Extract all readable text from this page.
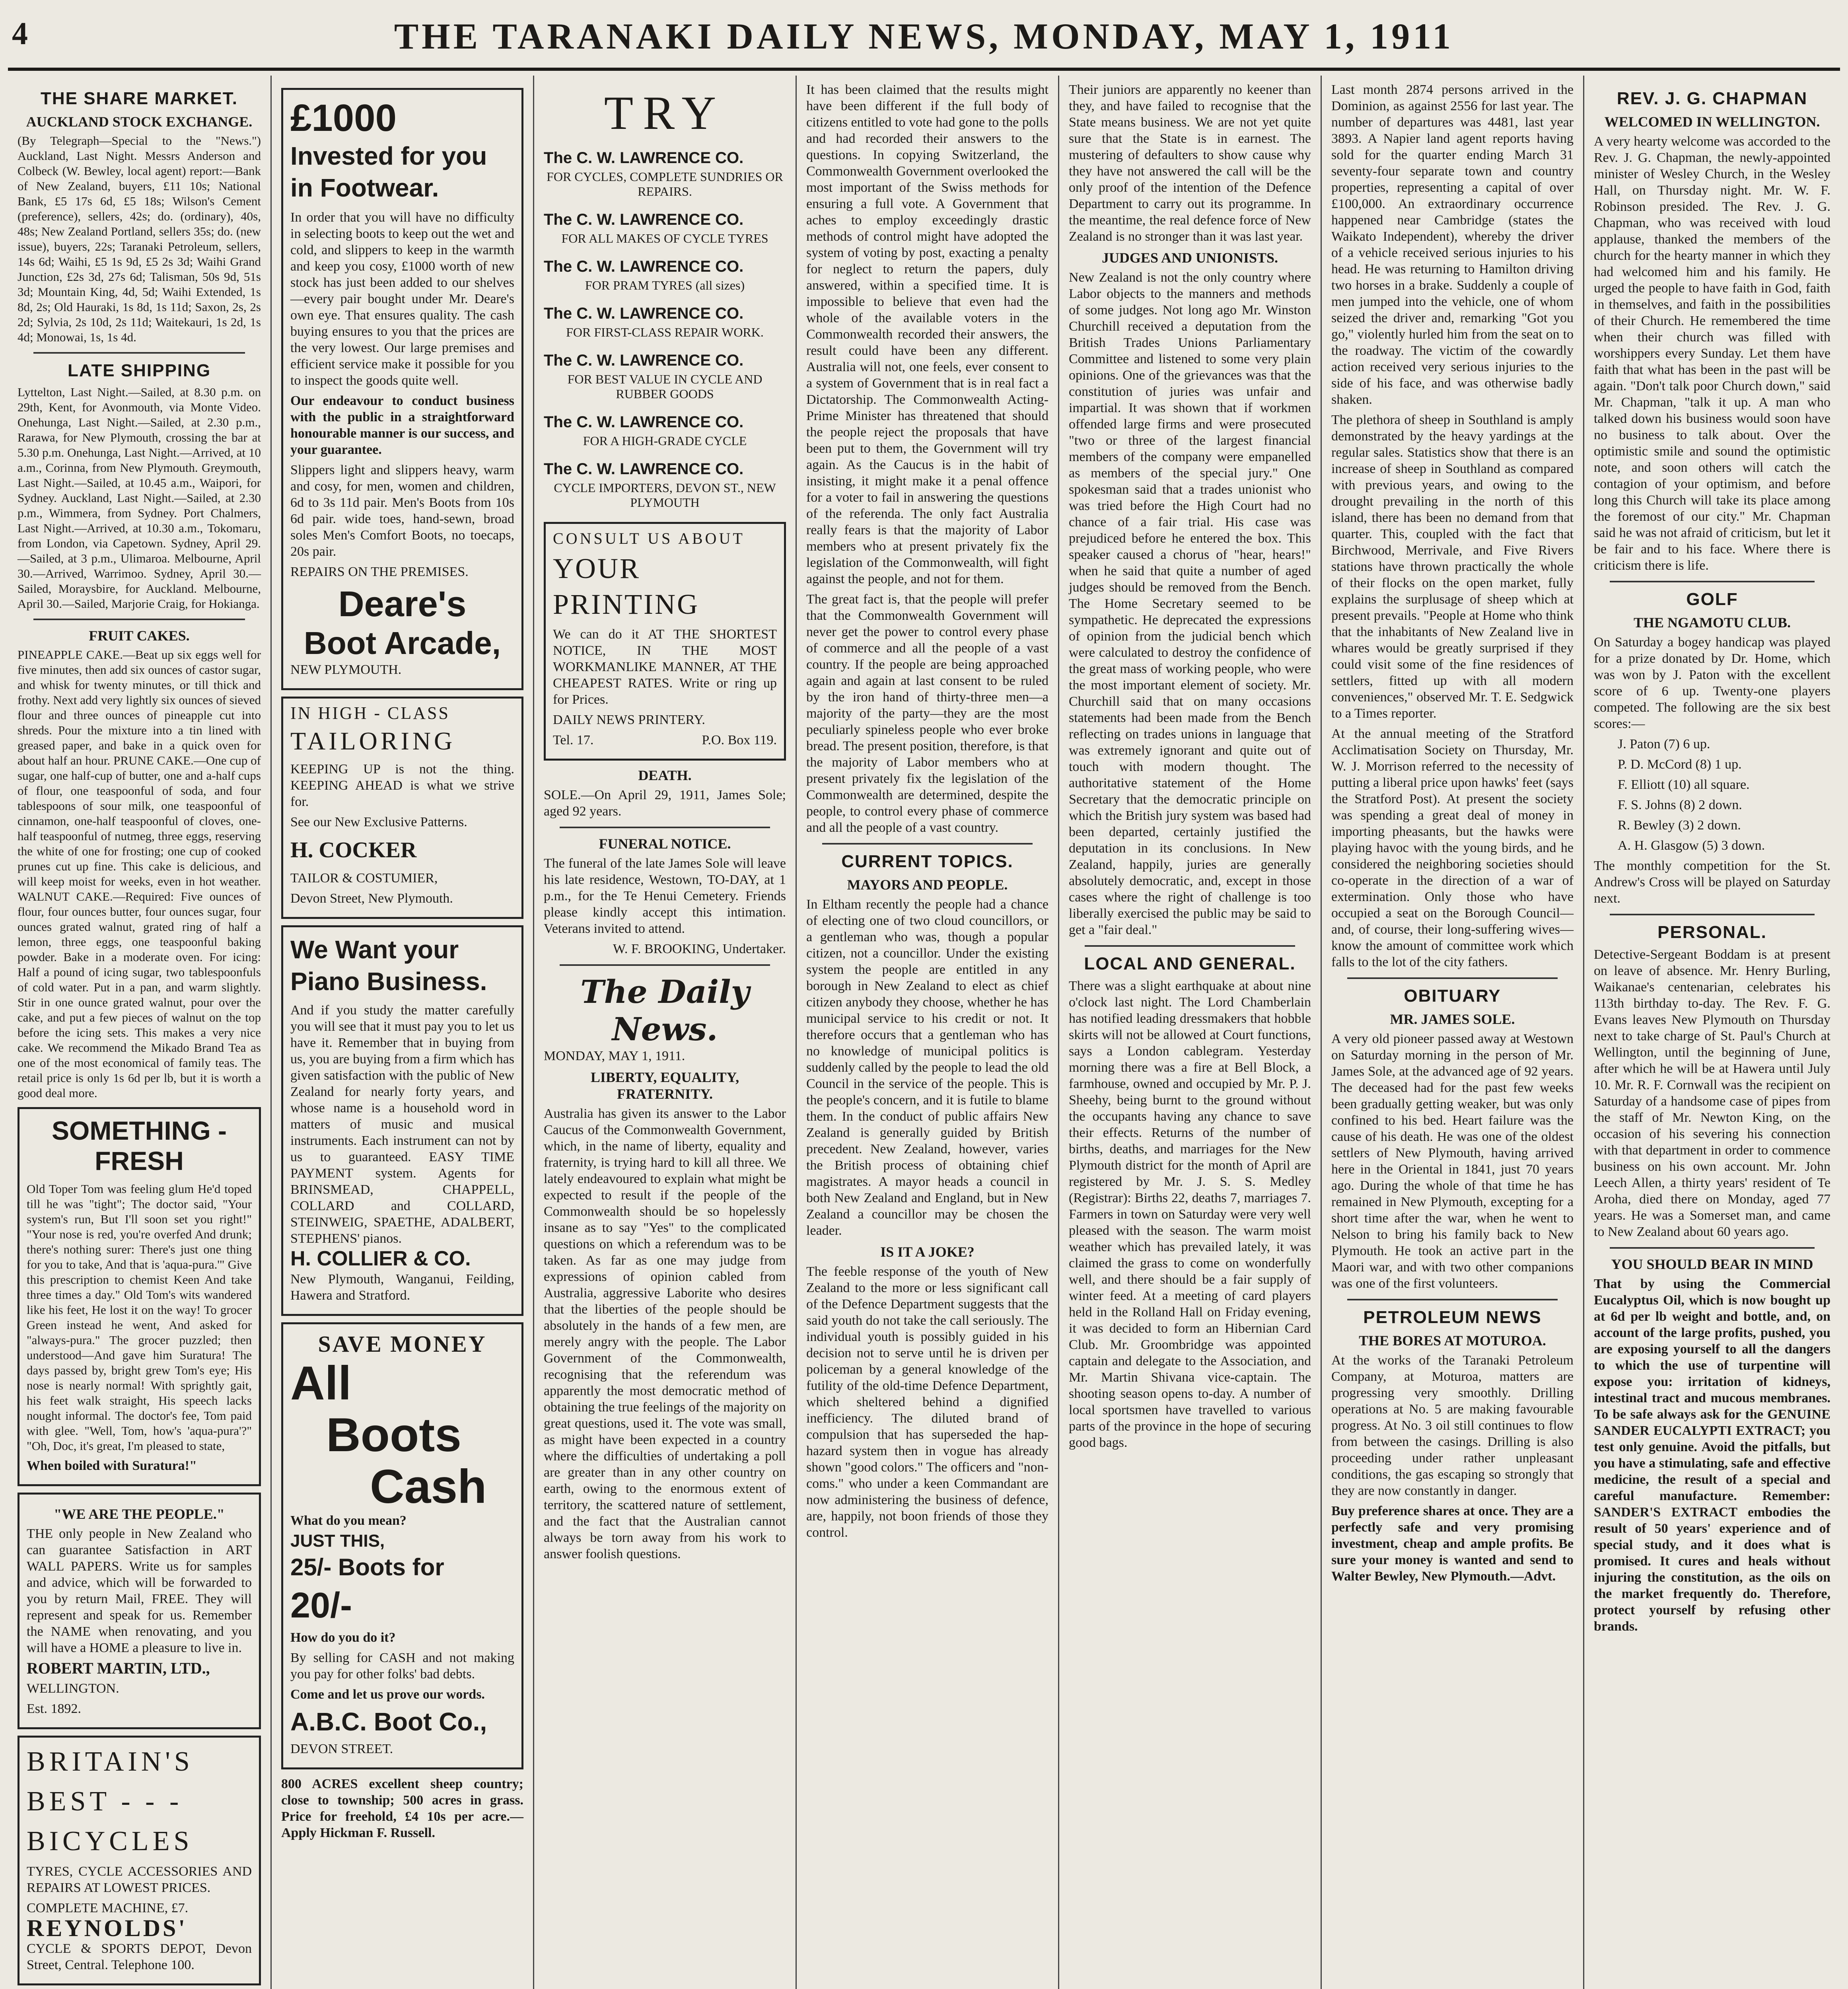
4	THE TARANAKI DAILY NEWS, MONDAY, MAY 1, 1911
THE SHARE MARKET.
AUCKLAND STOCK EXCHANGE.

(By Telegraph—Special to the "News.") Auckland, Last Night. Messrs Anderson and Colbeck (W. Bewley, local agent) report:—Bank of New Zealand, buyers, £11 10s; National Bank, £5 17s 6d, £5 18s; Wilson's Cement (preference), sellers, 42s; do. (ordinary), 40s, 48s; New Zealand Portland, sellers 35s; do. (new issue), buyers, 22s; Taranaki Petroleum, sellers, 14s 6d; Waihi, £5 1s 9d, £5 2s 3d; Waihi Grand Junction, £2s 3d, 27s 6d; Talisman, 50s 9d, 51s 3d; Mountain King, 4d, 5d; Waihi Extended, 1s 8d, 2s; Old Hauraki, 1s 8d, 1s 11d; Saxon, 2s, 2s 2d; Sylvia, 2s 10d, 2s 11d; Waitekauri, 1s 2d, 1s 4d; Monowai, 1s, 1s 4d.

LATE SHIPPING

Lyttelton, Last Night.—Sailed, at 8.30 p.m. on 29th, Kent, for Avonmouth, via Monte Video. Onehunga, Last Night.—Sailed, at 2.30 p.m., Rarawa, for New Plymouth, crossing the bar at 5.30 p.m. Onehunga, Last Night.—Arrived, at 10 a.m., Corinna, from New Plymouth. Greymouth, Last Night.—Sailed, at 10.45 a.m., Waipori, for Sydney. Auckland, Last Night.—Sailed, at 2.30 p.m., Wimmera, from Sydney. Port Chalmers, Last Night.—Arrived, at 10.30 a.m., Tokomaru, from London, via Capetown. Sydney, April 29.—Sailed, at 3 p.m., Ulimaroa. Melbourne, April 30.—Arrived, Warrimoo. Sydney, April 30.—Sailed, Moraysbire, for Auckland. Melbourne, April 30.—Sailed, Marjorie Craig, for Hokianga.

FRUIT CAKES.

PINEAPPLE CAKE.—Beat up six eggs well for five minutes, then add six ounces of castor sugar, and whisk for twenty minutes, or till thick and frothy. Next add very lightly six ounces of sieved flour and three ounces of pineapple cut into shreds. Pour the mixture into a tin lined with greased paper, and bake in a quick oven for about half an hour. PRUNE CAKE.—One cup of sugar, one half-cup of butter, one and a-half cups of flour, one teaspoonful of soda, and four tablespoons of sour milk, one teaspoonful of cinnamon, one-half teaspoonful of cloves, one-half teaspoonful of nutmeg, three eggs, reserving the white of one for frosting; one cup of cooked prunes cut up fine. This cake is delicious, and will keep moist for weeks, even in hot weather. WALNUT CAKE.—Required: Five ounces of flour, four ounces butter, four ounces sugar, four ounces grated walnut, grated ring of half a lemon, three eggs, one teaspoonful baking powder. Bake in a moderate oven. For icing: Half a pound of icing sugar, two tablespoonfuls of cold water. Put in a pan, and warm slightly. Stir in one ounce grated walnut, pour over the cake, and put a few pieces of walnut on the top before the icing sets. This makes a very nice cake. We recommend the Mikado Brand Tea as one of the most economical of family teas. The retail price is only 1s 6d per lb, but it is worth a good deal more.

SOMETHING - FRESH

Old Toper Tom was feeling glum He'd toped till he was "tight"; The doctor said, "Your system's run, But I'll soon set you right!" "Your nose is red, you're overfed And drunk; there's nothing surer: There's just one thing for you to take, And that is 'aqua-pura.'" Give this prescription to chemist Keen And take three times a day." Old Tom's wits wandered like his feet, He lost it on the way! To grocer Green instead he went, And asked for "always-pura." The grocer puzzled; then understood—And gave him Suratura! The days passed by, bright grew Tom's eye; His nose is nearly normal! With sprightly gait, his feet walk straight, His speech lacks nought informal. The doctor's fee, Tom paid with glee. "Well, Tom, how's 'aqua-pura'?" "Oh, Doc, it's great, I'm pleased to state,

When boiled with Suratura!"

"WE ARE THE PEOPLE."

THE only people in New Zealand who can guarantee Satisfaction in ART WALL PAPERS. Write us for samples and advice, which will be forwarded to you by return Mail, FREE. They will represent and speak for us. Remember the NAME when renovating, and you will have a HOME a pleasure to live in.

ROBERT MARTIN, LTD.,

WELLINGTON.

Est. 1892.

BRITAIN'S

BEST - - -

BICYCLES

TYRES, CYCLE ACCESSORIES AND REPAIRS AT LOWEST PRICES.

COMPLETE MACHINE, £7.

REYNOLDS'

CYCLE & SPORTS DEPOT, Devon Street, Central. Telephone 100.

£1000
Invested for you in Footwear.

In order that you will have no difficulty in selecting boots to keep out the wet and cold, and slippers to keep in the warmth and keep you cosy, £1000 worth of new stock has just been added to our shelves—every pair bought under Mr. Deare's own eye. That ensures quality. The cash buying ensures to you that the prices are the very lowest. Our large premises and efficient service make it possible for you to inspect the goods quite well.

Our endeavour to conduct business with the public in a straightforward honourable manner is our success, and your guarantee.

Slippers light and slippers heavy, warm and cosy, for men, women and children, 6d to 3s 11d pair. Men's Boots from 10s 6d pair. wide toes, hand-sewn, broad soles Men's Comfort Boots, no toecaps, 20s pair.

REPAIRS ON THE PREMISES.

Deare's
Boot Arcade,

NEW PLYMOUTH.

IN HIGH - CLASS

TAILORING

KEEPING UP is not the thing. KEEPING AHEAD is what we strive for.

See our New Exclusive Patterns.

H. COCKER

TAILOR & COSTUMIER,

Devon Street, New Plymouth.

We Want your Piano Business.

And if you study the matter carefully you will see that it must pay you to let us have it. Remember that in buying from us, you are buying from a firm which has given satisfaction with the public of New Zealand for nearly forty years, and whose name is a household word in matters of music and musical instruments. Each instrument can not by us to guaranteed. EASY TIME PAYMENT system. Agents for BRINSMEAD, CHAPPELL, COLLARD and COLLARD, STEINWEIG, SPAETHE, ADALBERT, STEPHENS' pianos.

H. COLLIER & CO.

New Plymouth, Wanganui, Feilding, Hawera and Stratford.

SAVE MONEY
All
Boots
Cash

What do you mean?

JUST THIS,

25/- Boots for

20/-

How do you do it?

By selling for CASH and not making you pay for other folks' bad debts.

Come and let us prove our words.

A.B.C. Boot Co.,

DEVON STREET.

800 ACRES excellent sheep country; close to township; 500 acres in grass. Price for freehold, £4 10s per acre.—Apply Hickman F. Russell.

TRY
The C. W. LAWRENCE CO.
FOR CYCLES, COMPLETE SUNDRIES OR REPAIRS.
The C. W. LAWRENCE CO.
FOR ALL MAKES OF CYCLE TYRES
The C. W. LAWRENCE CO.
FOR PRAM TYRES (all sizes)
The C. W. LAWRENCE CO.
FOR FIRST-CLASS REPAIR WORK.
The C. W. LAWRENCE CO.
FOR BEST VALUE IN CYCLE AND RUBBER GOODS
The C. W. LAWRENCE CO.
FOR A HIGH-GRADE CYCLE
The C. W. LAWRENCE CO.
CYCLE IMPORTERS, DEVON ST., NEW PLYMOUTH

CONSULT US ABOUT

YOUR PRINTING

We can do it AT THE SHORTEST NOTICE, IN THE MOST WORKMANLIKE MANNER, AT THE CHEAPEST RATES. Write or ring up for Prices.

DAILY NEWS PRINTERY.

Tel. 17.	P.O. Box 119.

DEATH.

SOLE.—On April 29, 1911, James Sole; aged 92 years.

FUNERAL NOTICE.

The funeral of the late James Sole will leave his late residence, Westown, TO-DAY, at 1 p.m., for the Te Henui Cemetery. Friends please kindly accept this intimation. Veterans invited to attend.

W. F. BROOKING, Undertaker.

The Daily News.

MONDAY, MAY 1, 1911.

LIBERTY, EQUALITY, FRATERNITY.

Australia has given its answer to the Labor Caucus of the Commonwealth Government, which, in the name of liberty, equality and fraternity, is trying hard to kill all three. We lately endeavoured to explain what might be expected to result if the people of the Commonwealth should be so hopelessly insane as to say "Yes" to the complicated questions on which a referendum was to be taken. As far as one may judge from expressions of opinion cabled from Australia, aggressive Laborite who desires that the liberties of the people should be absolutely in the hands of a few men, are merely angry with the people. The Labor Government of the Commonwealth, recognising that the referendum was apparently the most democratic method of obtaining the true feelings of the majority on great questions, used it. The vote was small, as might have been expected in a country where the difficulties of undertaking a poll are greater than in any other country on earth, owing to the enormous extent of territory, the scattered nature of settlement, and the fact that the Australian cannot always be torn away from his work to answer foolish questions.

It has been claimed that the results might have been different if the full body of citizens entitled to vote had gone to the polls and had recorded their answers to the questions. In copying Switzerland, the Commonwealth Government overlooked the most important of the Swiss methods for ensuring a full vote. A Government that aches to employ exceedingly drastic methods of control might have adopted the system of voting by post, exacting a penalty for neglect to return the papers, duly answered, within a specified time. It is impossible to believe that even had the whole of the available voters in the Commonwealth recorded their answers, the result could have been any different. Australia will not, one feels, ever consent to a system of Government that is in real fact a Dictatorship. The Commonwealth Acting-Prime Minister has threatened that should the people reject the proposals that have been put to them, the Government will try again. As the Caucus is in the habit of insisting, it might make it a penal offence for a voter to fail in answering the questions of the referenda. The only fact Australia really fears is that the majority of Labor members who at present privately fix the legislation of the Commonwealth, will fight against the people, and not for them.

The great fact is, that the people will prefer that the Commonwealth Government will never get the power to control every phase of commerce and all the people of a vast country. If the people are being approached again and again at last consent to be ruled by the iron hand of thirty-three men—a majority of the party—they are the most peculiarly spineless people who ever broke bread. The present position, therefore, is that the majority of Labor members who at present privately fix the legislation of the Commonwealth are determined, despite the people, to control every phase of commerce and all the people of a vast country.

CURRENT TOPICS.
MAYORS AND PEOPLE.

In Eltham recently the people had a chance of electing one of two cloud councillors, or a gentleman who was, though a popular citizen, not a councillor. Under the existing system the people are entitled in any borough in New Zealand to elect as chief citizen anybody they choose, whether he has municipal service to his credit or not. It therefore occurs that a gentleman who has no knowledge of municipal politics is suddenly called by the people to lead the old Council in the service of the people. This is the people's concern, and it is futile to blame them. In the conduct of public affairs New Zealand is generally guided by British precedent. New Zealand, however, varies the British process of obtaining chief magistrates. A mayor heads a council in both New Zealand and England, but in New Zealand a councillor may be chosen the leader.

IS IT A JOKE?

The feeble response of the youth of New Zealand to the more or less significant call of the Defence Department suggests that the said youth do not take the call seriously. The individual youth is possibly guided in his decision not to serve until he is driven per policeman by a general knowledge of the futility of the old-time Defence Department, which sheltered behind a dignified inefficiency. The diluted brand of compulsion that has superseded the hap-hazard system then in vogue has already shown "good colors." The officers and "non-coms." who under a keen Commandant are now administering the business of defence, are, happily, not boon friends of those they control.

Their juniors are apparently no keener than they, and have failed to recognise that the State means business. We are not yet quite sure that the State is in earnest. The mustering of defaulters to show cause why they have not answered the call will be the only proof of the intention of the Defence Department to carry out its programme. In the meantime, the real defence force of New Zealand is no stronger than it was last year.

JUDGES AND UNIONISTS.

New Zealand is not the only country where Labor objects to the manners and methods of some judges. Not long ago Mr. Winston Churchill received a deputation from the British Trades Unions Parliamentary Committee and listened to some very plain opinions. One of the grievances was that the constitution of juries was unfair and impartial. It was shown that if workmen offended large firms and were prosecuted "two or three of the largest financial members of the company were empanelled as members of the special jury." One spokesman said that a trades unionist who was tried before the High Court had no chance of a fair trial. His case was prejudiced before he entered the box. This speaker caused a chorus of "hear, hears!" when he said that quite a number of aged judges should be removed from the Bench. The Home Secretary seemed to be sympathetic. He deprecated the expressions of opinion from the judicial bench which were calculated to destroy the confidence of the great mass of working people, who were the most important element of society. Mr. Churchill said that on many occasions statements had been made from the Bench reflecting on trades unions in language that was extremely ignorant and quite out of touch with modern thought. The authoritative statement of the Home Secretary that the democratic principle on which the British jury system was based had been departed, certainly justified the deputation in its conclusions. In New Zealand, happily, juries are generally absolutely democratic, and, except in those cases where the right of challenge is too liberally exercised the public may be said to get a "fair deal."

LOCAL AND GENERAL.

There was a slight earthquake at about nine o'clock last night. The Lord Chamberlain has notified leading dressmakers that hobble skirts will not be allowed at Court functions, says a London cablegram. Yesterday morning there was a fire at Bell Block, a farmhouse, owned and occupied by Mr. P. J. Sheehy, being burnt to the ground without the occupants having any chance to save their effects. Returns of the number of births, deaths, and marriages for the New Plymouth district for the month of April are registered by Mr. J. S. S. Medley (Registrar): Births 22, deaths 7, marriages 7. Farmers in town on Saturday were very well pleased with the season. The warm moist weather which has prevailed lately, it was claimed the grass to come on wonderfully well, and there should be a fair supply of winter feed. At a meeting of card players held in the Rolland Hall on Friday evening, it was decided to form an Hibernian Card Club. Mr. Groombridge was appointed captain and delegate to the Association, and Mr. Martin Shivana vice-captain. The shooting season opens to-day. A number of local sportsmen have travelled to various parts of the province in the hope of securing good bags.

Last month 2874 persons arrived in the Dominion, as against 2556 for last year. The number of departures was 4481, last year 3893. A Napier land agent reports having sold for the quarter ending March 31 seventy-four separate town and country properties, representing a capital of over £100,000. An extraordinary occurrence happened near Cambridge (states the Waikato Independent), whereby the driver of a vehicle received serious injuries to his head. He was returning to Hamilton driving two horses in a brake. Suddenly a couple of men jumped into the vehicle, one of whom seized the driver and, remarking "Got you go," violently hurled him from the seat on to the roadway. The victim of the cowardly action received very serious injuries to the side of his face, and was otherwise badly shaken.

The plethora of sheep in Southland is amply demonstrated by the heavy yardings at the regular sales. Statistics show that there is an increase of sheep in Southland as compared with previous years, and owing to the drought prevailing in the north of this island, there has been no demand from that quarter. This, coupled with the fact that Birchwood, Merrivale, and Five Rivers stations have thrown practically the whole of their flocks on the open market, fully explains the surplusage of sheep which at present prevails. "People at Home who think that the inhabitants of New Zealand live in whares would be greatly surprised if they could visit some of the fine residences of settlers, fitted up with all modern conveniences," observed Mr. T. E. Sedgwick to a Times reporter.

At the annual meeting of the Stratford Acclimatisation Society on Thursday, Mr. W. J. Morrison referred to the necessity of putting a liberal price upon hawks' feet (says the Stratford Post). At present the society was spending a great deal of money in importing pheasants, but the hawks were playing havoc with the young birds, and he considered the neighboring societies should co-operate in the direction of a war of extermination. Only those who have occupied a seat on the Borough Council—and, of course, their long-suffering wives—know the amount of committee work which falls to the lot of the city fathers.

OBITUARY
MR. JAMES SOLE.

A very old pioneer passed away at Westown on Saturday morning in the person of Mr. James Sole, at the advanced age of 92 years. The deceased had for the past few weeks been gradually getting weaker, but was only confined to his bed. Heart failure was the cause of his death. He was one of the oldest settlers of New Plymouth, having arrived here in the Oriental in 1841, just 70 years ago. During the whole of that time he has remained in New Plymouth, excepting for a short time after the war, when he went to Nelson to bring his family back to New Plymouth. He took an active part in the Maori war, and with two other companions was one of the first volunteers.

PETROLEUM NEWS
THE BORES AT MOTUROA.

At the works of the Taranaki Petroleum Company, at Moturoa, matters are progressing very smoothly. Drilling operations at No. 5 are making favourable progress. At No. 3 oil still continues to flow from between the casings. Drilling is also proceeding under rather unpleasant conditions, the gas escaping so strongly that they are now constantly in danger.

Buy preference shares at once. They are a perfectly safe and very promising investment, cheap and ample profits. Be sure your money is wanted and send to Walter Bewley, New Plymouth.—Advt.

REV. J. G. CHAPMAN
WELCOMED IN WELLINGTON.

A very hearty welcome was accorded to the Rev. J. G. Chapman, the newly-appointed minister of Wesley Church, in the Wesley Hall, on Thursday night. Mr. W. F. Robinson presided. The Rev. J. G. Chapman, who was received with loud applause, thanked the members of the church for the hearty manner in which they had welcomed him and his family. He urged the people to have faith in God, faith in themselves, and faith in the possibilities of their Church. He remembered the time when their church was filled with worshippers every Sunday. Let them have faith that what has been in the past will be again. "Don't talk poor Church down," said Mr. Chapman, "talk it up. A man who talked down his business would soon have no business to talk about. Over the optimistic smile and sound the optimistic note, and soon others will catch the contagion of your optimism, and before long this Church will take its place among the foremost of our city." Mr. Chapman said he was not afraid of criticism, but let it be fair and to his face. Where there is criticism there is life.

GOLF
THE NGAMOTU CLUB.

On Saturday a bogey handicap was played for a prize donated by Dr. Home, which was won by J. Paton with the excellent score of 6 up. Twenty-one players competed. The following are the six best scores:—

J. Paton (7) 6 up.

P. D. McCord (8) 1 up.

F. Elliott (10) all square.

F. S. Johns (8) 2 down.

R. Bewley (3) 2 down.

A. H. Glasgow (5) 3 down.

The monthly competition for the St. Andrew's Cross will be played on Saturday next.

PERSONAL.

Detective-Sergeant Boddam is at present on leave of absence. Mr. Henry Burling, Waikanae's centenarian, celebrates his 113th birthday to-day. The Rev. F. G. Evans leaves New Plymouth on Thursday next to take charge of St. Paul's Church at Wellington, until the beginning of June, after which he will be at Hawera until July 10. Mr. R. F. Cornwall was the recipient on Saturday of a handsome case of pipes from the staff of Mr. Newton King, on the occasion of his severing his connection with that department in order to commence business on his own account. Mr. John Leech Allen, a thirty years' resident of Te Aroha, died there on Monday, aged 77 years. He was a Somerset man, and came to New Zealand about 60 years ago.

YOU SHOULD BEAR IN MIND

That by using the Commercial Eucalyptus Oil, which is now bought up at 6d per lb weight and bottle, and, on account of the large profits, pushed, you are exposing yourself to all the dangers to which the use of turpentine will expose you: irritation of kidneys, intestinal tract and mucous membranes. To be safe always ask for the GENUINE SANDER EUCALYPTI EXTRACT; you test only genuine. Avoid the pitfalls, but you have a stimulating, safe and effective medicine, the result of a special and careful manufacture. Remember: SANDER'S EXTRACT embodies the result of 50 years' experience and of special study, and it does what is promised. It cures and heals without injuring the constitution, as the oils on the market frequently do. Therefore, protect yourself by refusing other brands.
